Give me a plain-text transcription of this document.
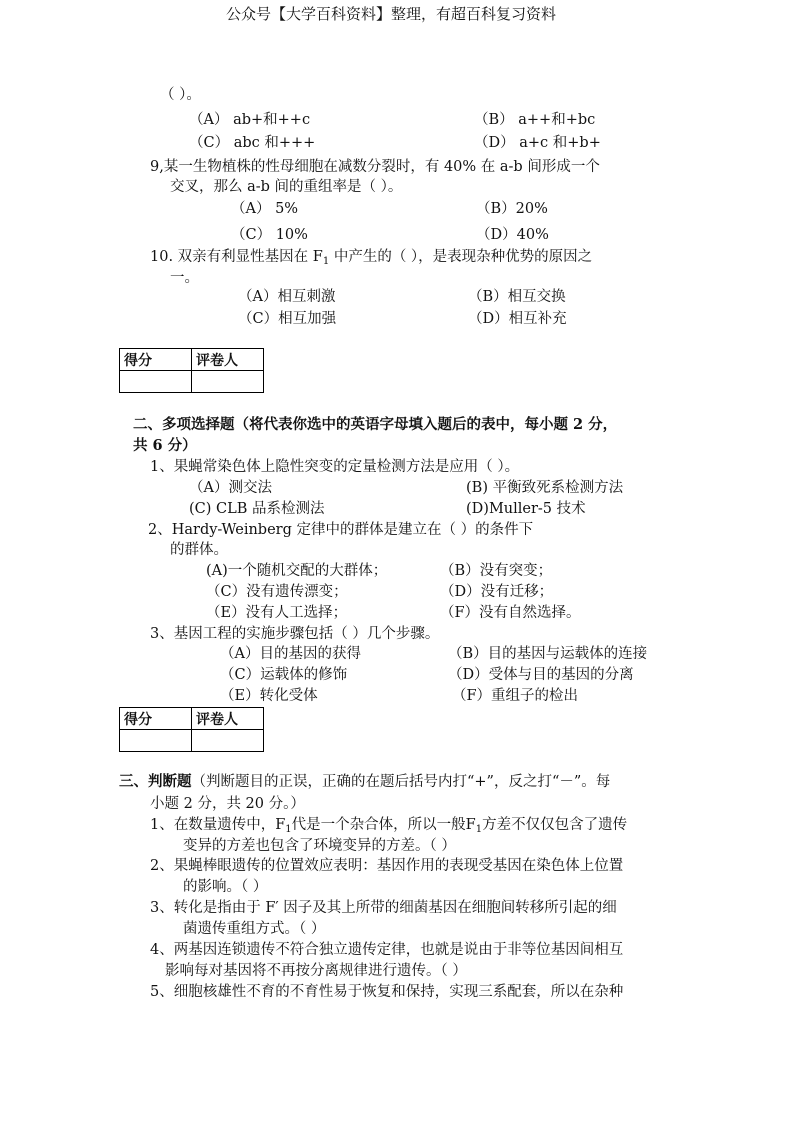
公众号【大学百科资料】整理，有超百科复习资料
（ ）。
（A） ab+和++c	（B） a++和+bc
（C） abc 和+++	（D） a+c 和+b+
9,某一生物植株的性母细胞在减数分裂时，有 40% 在 a-b 间形成一个
交叉，那么 a-b 间的重组率是（ ）。
（A） 5%	（B）20%
（C） 10%	（D）40%
10. 双亲有利显性基因在 $F_1$ 中产生的（ ），是表现杂种优势的原因之
一。
（A）相互刺激	（B）相互交换
（C）相互加强	（D）相互补充
得分	评卷人

二、多项选择题（将代表你选中的英语字母填入题后的表中，每小题 2 分，
共 6 分）
1、果蝇常染色体上隐性突变的定量检测方法是应用（ ）。
（A）测交法	(B) 平衡致死系检测方法
(C) CLB 品系检测法	(D)Muller-5 技术
2、Hardy-Weinberg 定律中的群体是建立在（ ）的条件下
的群体。
(A)一个随机交配的大群体；	（B）没有突变；
（C）没有遗传漂变；	（D）没有迁移；
（E）没有人工选择；	（F）没有自然选择。
3、基因工程的实施步骤包括（ ）几个步骤。
（A）目的基因的获得	（B）目的基因与运载体的连接
（C）运载体的修饰	（D）受体与目的基因的分离
（E）转化受体	（F）重组子的检出
得分	评卷人

三、判断题（判断题目的正误，正确的在题后括号内打“+”，反之打“－”。每
小题 2 分，共 20 分。）
1、在数量遗传中，$F_1$代是一个杂合体，所以一般$F_1$方差不仅仅包含了遗传
变异的方差也包含了环境变异的方差。（ ）
2、果蝇棒眼遗传的位置效应表明：基因作用的表现受基因在染色体上位置
的影响。（ ）
3、转化是指由于 F′ 因子及其上所带的细菌基因在细胞间转移所引起的细
菌遗传重组方式。（ ）
4、两基因连锁遗传不符合独立遗传定律，也就是说由于非等位基因间相互
影响每对基因将不再按分离规律进行遗传。（ ）
5、细胞核雄性不育的不育性易于恢复和保持，实现三系配套，所以在杂种
